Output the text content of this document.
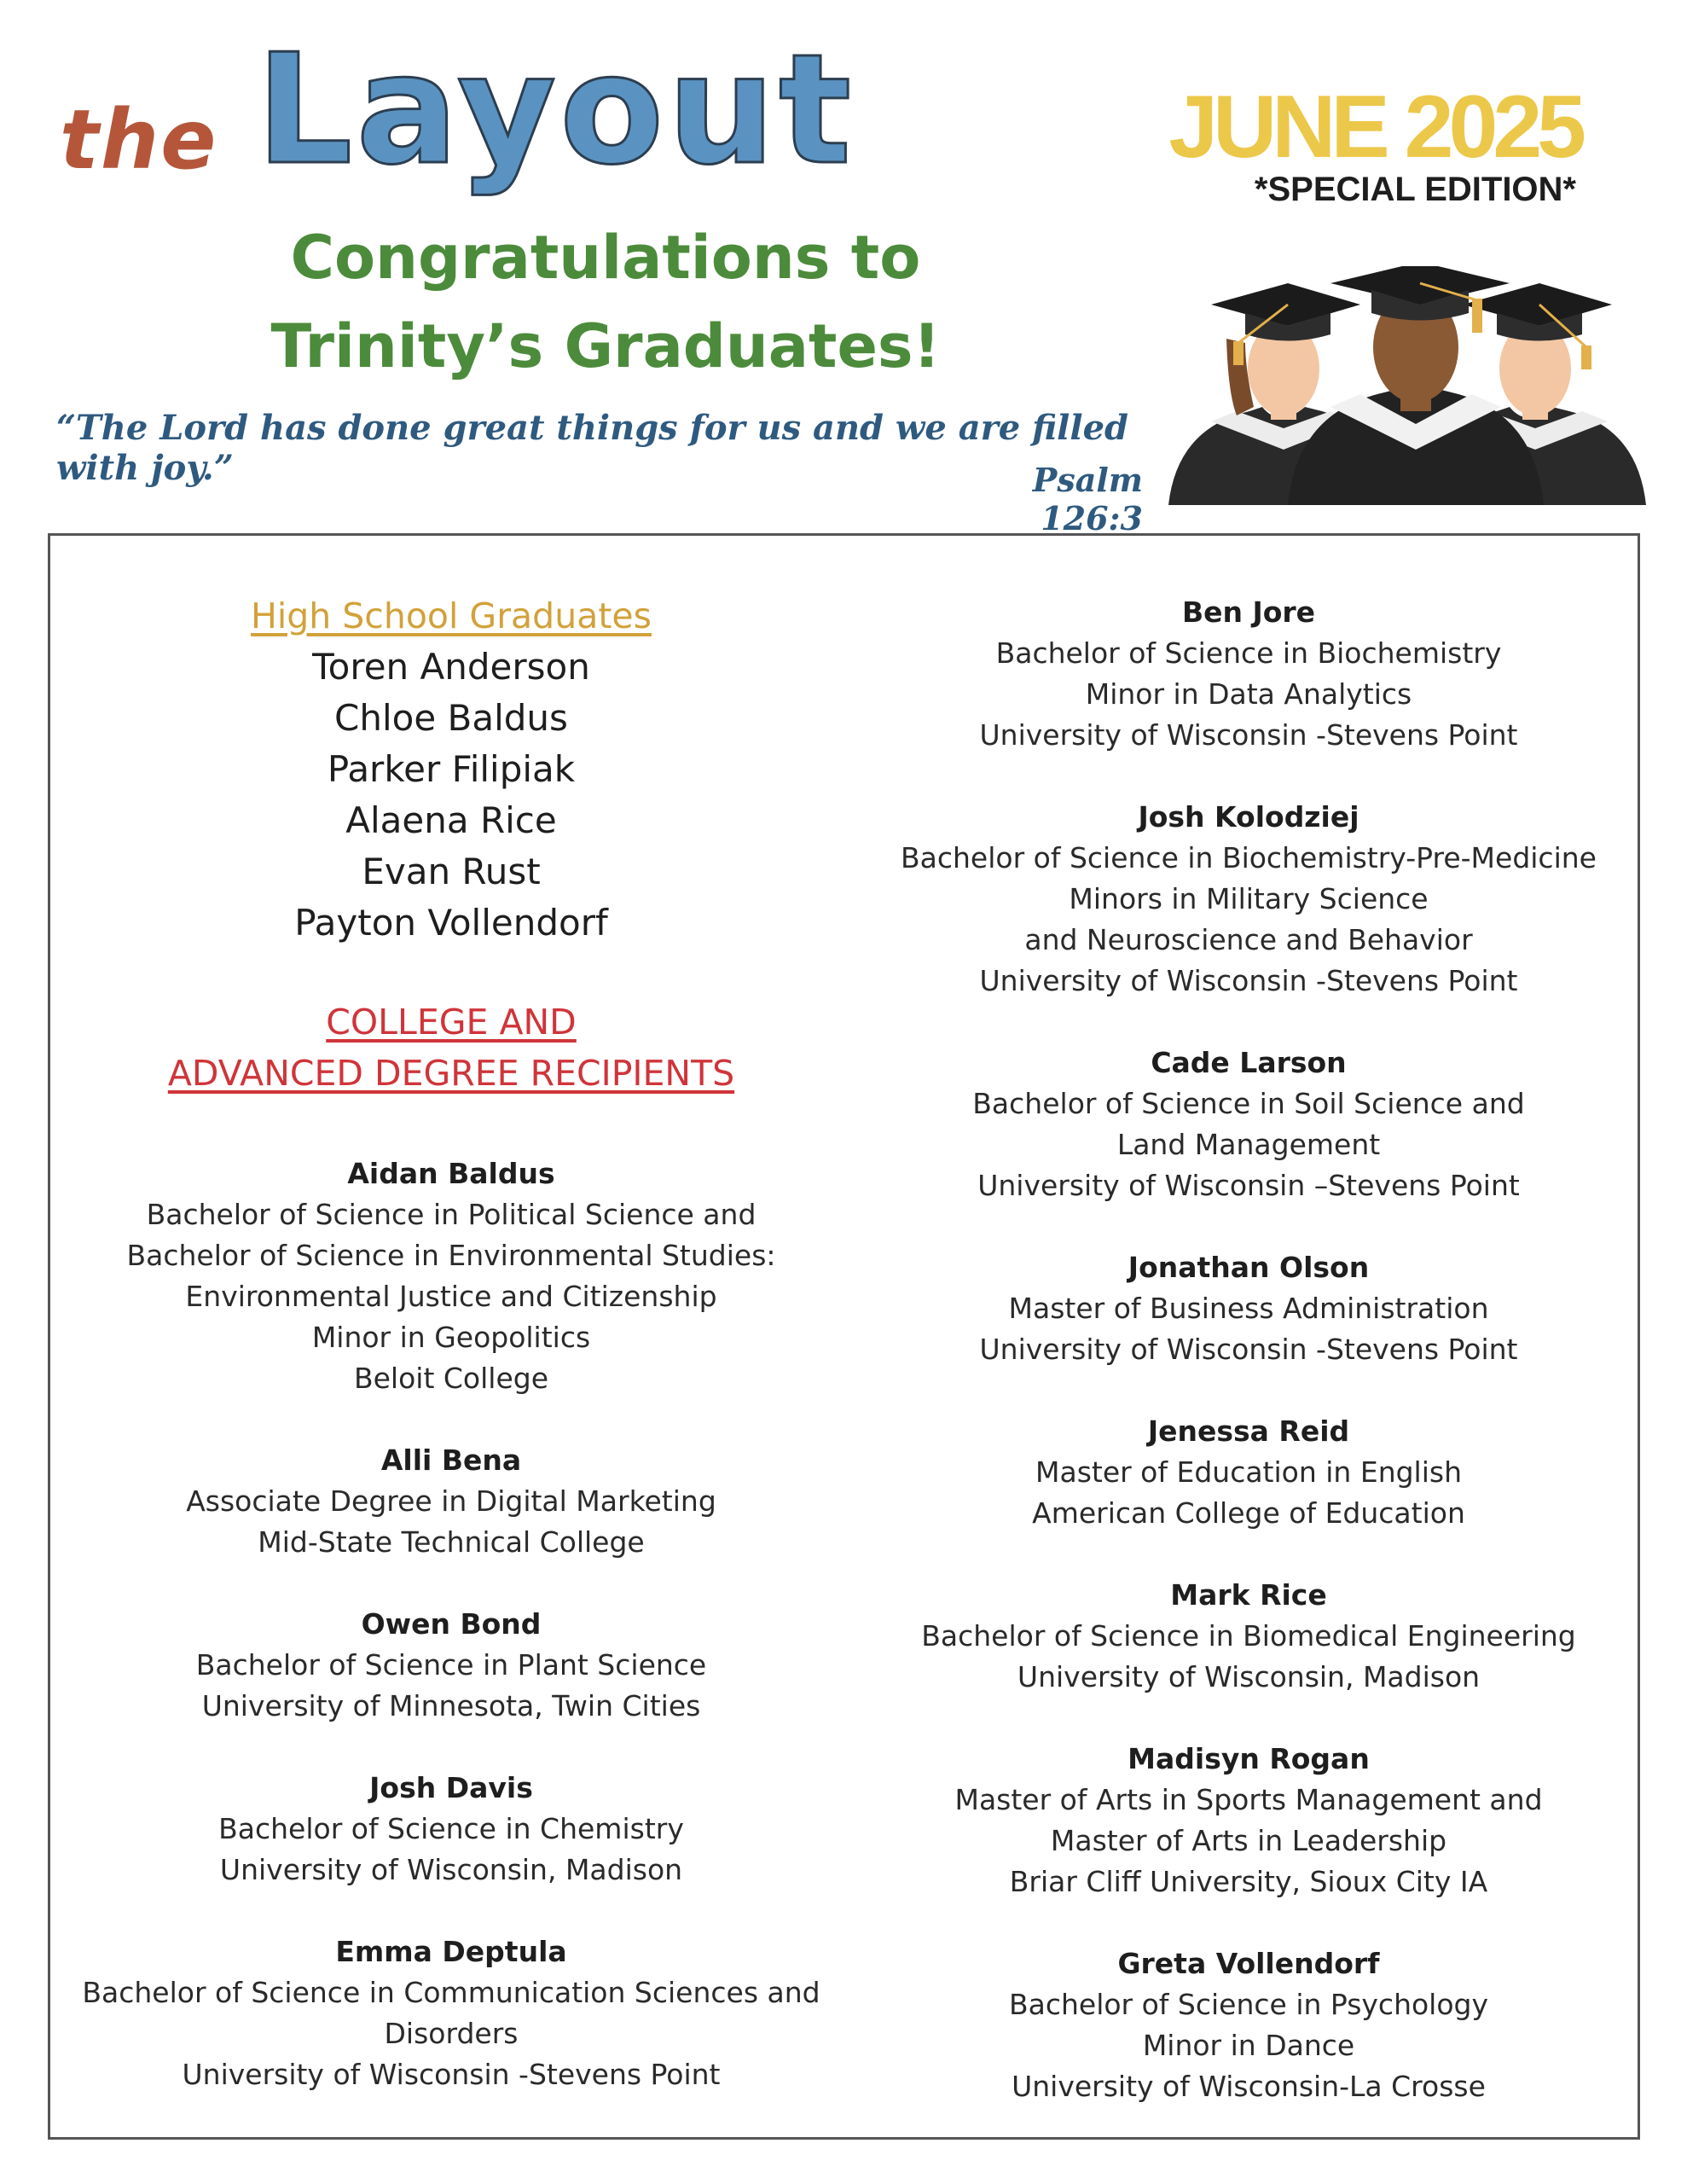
the Layout	JUNE 2025
*SPECIAL EDITION*
Congratulations to
Trinity’s Graduates!
“The Lord has done great things for us and we are filled with joy.”	Psalm 126:3
High School Graduates
Toren Anderson
Chloe Baldus
Parker Filipiak
Alaena Rice
Evan Rust
Payton Vollendorf
COLLEGE AND
ADVANCED DEGREE RECIPIENTS
Aidan Baldus
Bachelor of Science in Political Science and
Bachelor of Science in Environmental Studies:
Environmental Justice and Citizenship
Minor in Geopolitics
Beloit College
Alli Bena
Associate Degree in Digital Marketing
Mid-State Technical College
Owen Bond
Bachelor of Science in Plant Science
University of Minnesota, Twin Cities
Josh Davis
Bachelor of Science in Chemistry
University of Wisconsin, Madison
Emma Deptula
Bachelor of Science in Communication Sciences and
Disorders
University of Wisconsin -Stevens Point
Ben Jore
Bachelor of Science in Biochemistry
Minor in Data Analytics
University of Wisconsin -Stevens Point
Josh Kolodziej
Bachelor of Science in Biochemistry-Pre-Medicine
Minors in Military Science
and Neuroscience and Behavior
University of Wisconsin -Stevens Point
Cade Larson
Bachelor of Science in Soil Science and
Land Management
University of Wisconsin –Stevens Point
Jonathan Olson
Master of Business Administration
University of Wisconsin -Stevens Point
Jenessa Reid
Master of Education in English
American College of Education
Mark Rice
Bachelor of Science in Biomedical Engineering
University of Wisconsin, Madison
Madisyn Rogan
Master of Arts in Sports Management and
Master of Arts in Leadership
Briar Cliff University, Sioux City IA
Greta Vollendorf
Bachelor of Science in Psychology
Minor in Dance
University of Wisconsin-La Crosse
